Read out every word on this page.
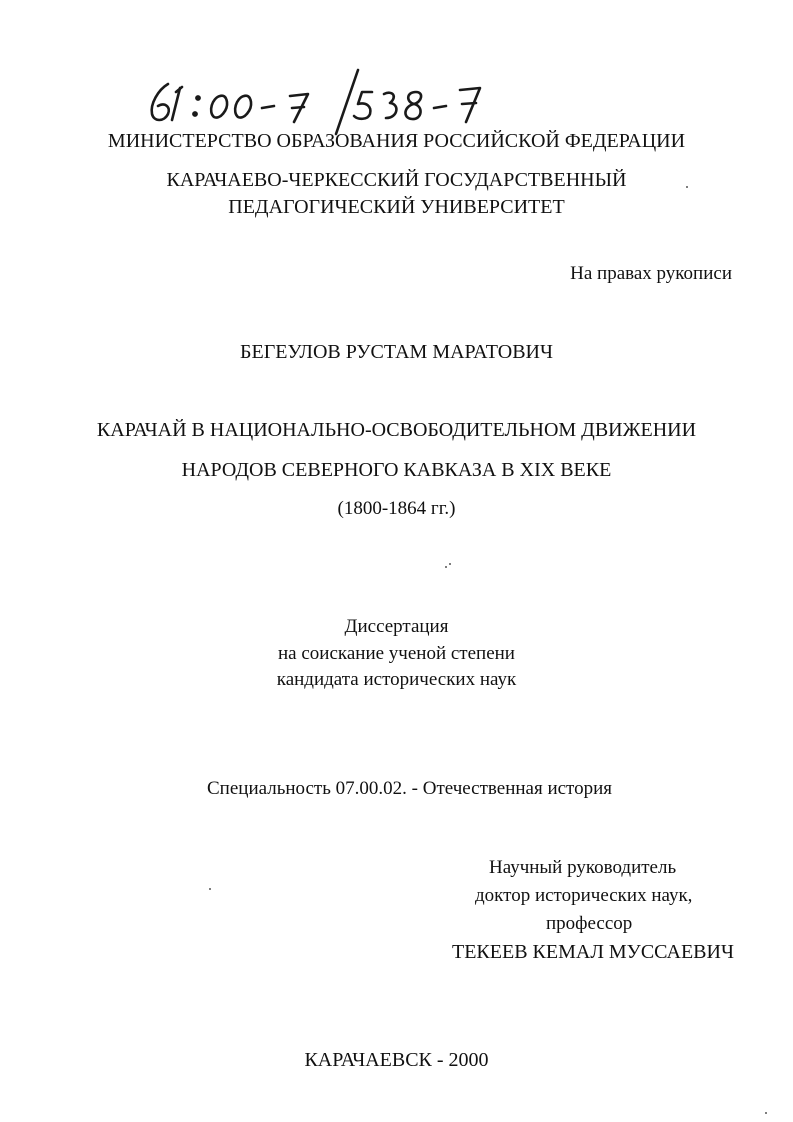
МИНИСТЕРСТВО ОБРАЗОВАНИЯ РОССИЙСКОЙ ФЕДЕРАЦИИ
КАРАЧАЕВО-ЧЕРКЕССКИЙ ГОСУДАРСТВЕННЫЙ
ПЕДАГОГИЧЕСКИЙ УНИВЕРСИТЕТ
На правах рукописи
БЕГЕУЛОВ РУСТАМ МАРАТОВИЧ
КАРАЧАЙ В НАЦИОНАЛЬНО-ОСВОБОДИТЕЛЬНОМ ДВИЖЕНИИ
НАРОДОВ СЕВЕРНОГО КАВКАЗА В XIX ВЕКЕ
(1800-1864 гг.)
Диссертация
на соискание ученой степени
кандидата исторических наук
Специальность 07.00.02. - Отечественная история
Научный руководитель
доктор исторических наук,
профессор
ТЕКЕЕВ КЕМАЛ МУССАЕВИЧ
КАРАЧАЕВСК - 2000
